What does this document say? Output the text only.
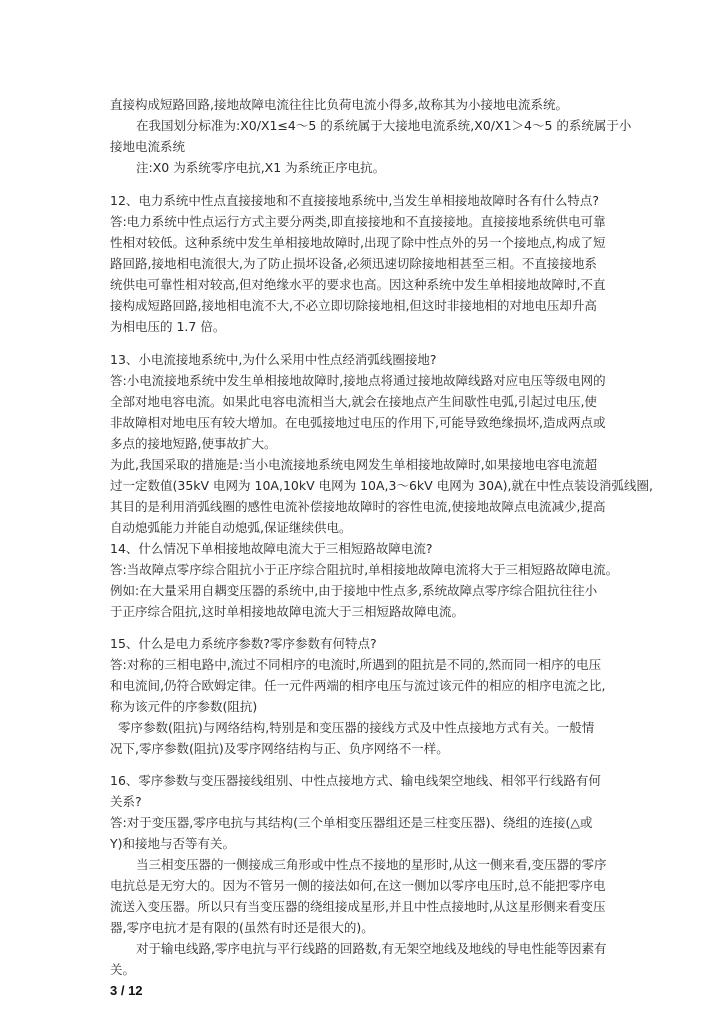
直接构成短路回路,接地故障电流往往比负荷电流小得多,故称其为小接地电流系统。
在我国划分标准为:X0/X1≤4～5 的系统属于大接地电流系统,X0/X1＞4～5 的系统属于小
接地电流系统
注:X0 为系统零序电抗,X1 为系统正序电抗。
12、电力系统中性点直接接地和不直接接地系统中,当发生单相接地故障时各有什么特点?
答:电力系统中性点运行方式主要分两类,即直接接地和不直接接地。直接接地系统供电可靠
性相对较低。这种系统中发生单相接地故障时,出现了除中性点外的另一个接地点,构成了短
路回路,接地相电流很大,为了防止损坏设备,必须迅速切除接地相甚至三相。不直接接地系
统供电可靠性相对较高,但对绝缘水平的要求也高。因这种系统中发生单相接地故障时,不直
接构成短路回路,接地相电流不大,不必立即切除接地相,但这时非接地相的对地电压却升高
为相电压的 1.7 倍。
13、小电流接地系统中,为什么采用中性点经消弧线圈接地?
答:小电流接地系统中发生单相接地故障时,接地点将通过接地故障线路对应电压等级电网的
全部对地电容电流。如果此电容电流相当大,就会在接地点产生间歇性电弧,引起过电压,使
非故障相对地电压有较大增加。在电弧接地过电压的作用下,可能导致绝缘损坏,造成两点或
多点的接地短路,使事故扩大。
为此,我国采取的措施是:当小电流接地系统电网发生单相接地故障时,如果接地电容电流超
过一定数值(35kV 电网为 10A,10kV 电网为 10A,3～6kV 电网为 30A),就在中性点装设消弧线圈,
其目的是利用消弧线圈的感性电流补偿接地故障时的容性电流,使接地故障点电流减少,提高
自动熄弧能力并能自动熄弧,保证继续供电。
14、什么情况下单相接地故障电流大于三相短路故障电流?
答:当故障点零序综合阻抗小于正序综合阻抗时,单相接地故障电流将大于三相短路故障电流。
例如:在大量采用自耦变压器的系统中,由于接地中性点多,系统故障点零序综合阻抗往往小
于正序综合阻抗,这时单相接地故障电流大于三相短路故障电流。
15、什么是电力系统序参数?零序参数有何特点?
答:对称的三相电路中,流过不同相序的电流时,所遇到的阻抗是不同的,然而同一相序的电压
和电流间,仍符合欧姆定律。任一元件两端的相序电压与流过该元件的相应的相序电流之比,
称为该元件的序参数(阻抗)
零序参数(阻抗)与网络结构,特别是和变压器的接线方式及中性点接地方式有关。一般情
况下,零序参数(阻抗)及零序网络结构与正、负序网络不一样。
16、零序参数与变压器接线组别、中性点接地方式、输电线架空地线、相邻平行线路有何
关系?
答:对于变压器,零序电抗与其结构(三个单相变压器组还是三柱变压器)、绕组的连接(△或
Y)和接地与否等有关。
当三相变压器的一侧接成三角形或中性点不接地的星形时,从这一侧来看,变压器的零序
电抗总是无穷大的。因为不管另一侧的接法如何,在这一侧加以零序电压时,总不能把零序电
流送入变压器。所以只有当变压器的绕组接成星形,并且中性点接地时,从这星形侧来看变压
器,零序电抗才是有限的(虽然有时还是很大的)。
对于输电线路,零序电抗与平行线路的回路数,有无架空地线及地线的导电性能等因素有
关。
3 / 12
